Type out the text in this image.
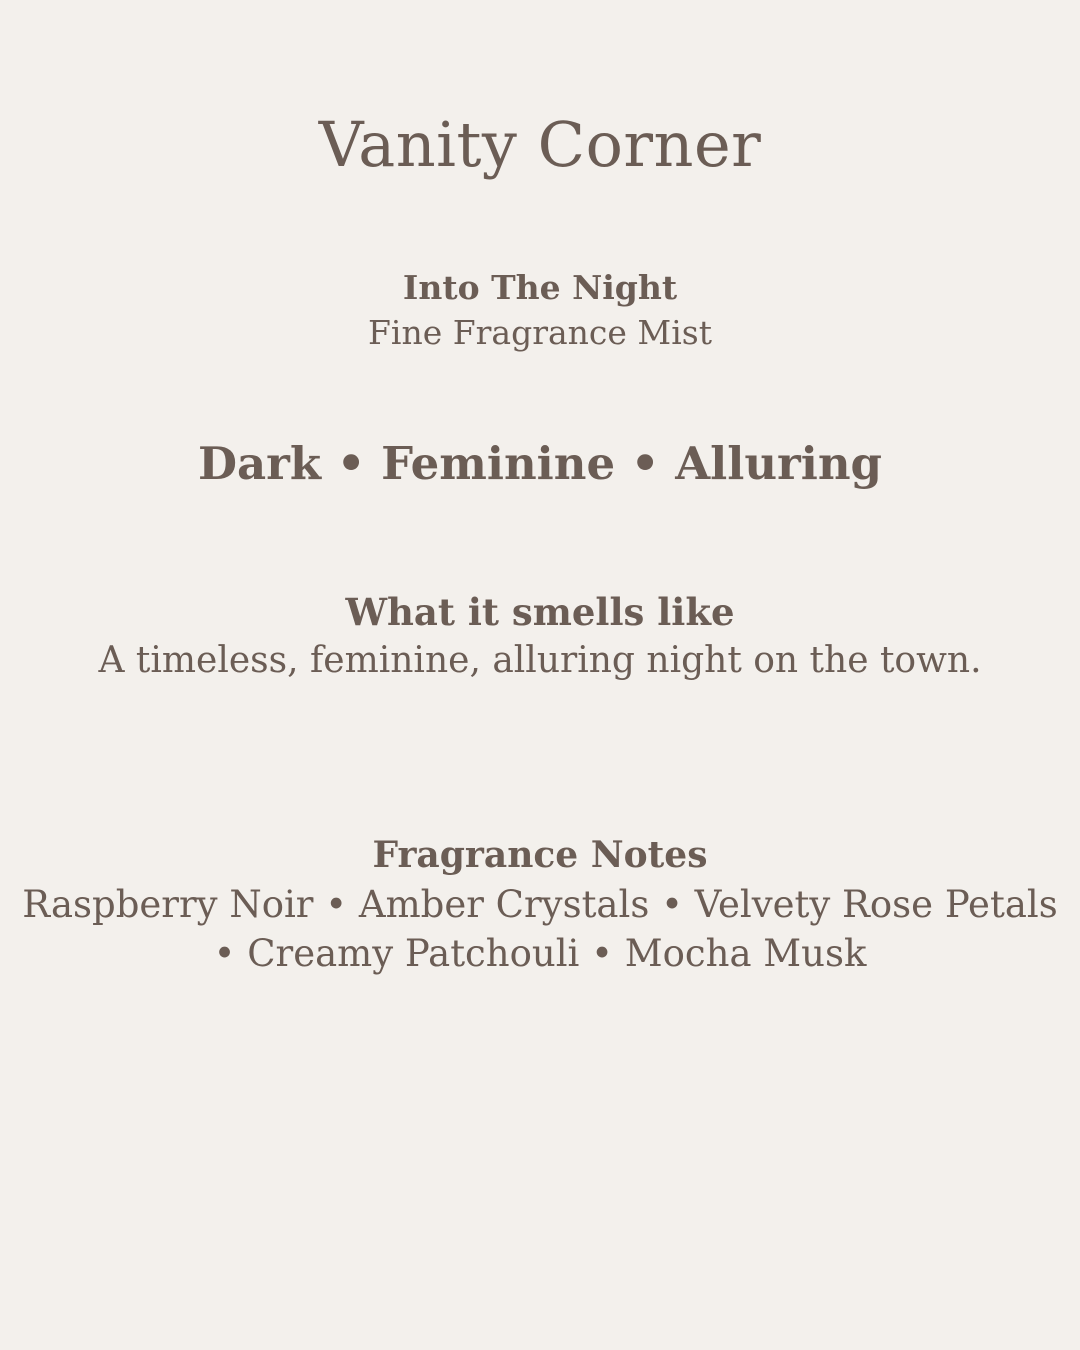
Vanity Corner
Into The Night
Fine Fragrance Mist
Dark • Feminine • Alluring
What it smells like
A timeless, feminine, alluring night on the town.
Fragrance Notes
Raspberry Noir • Amber Crystals • Velvety Rose Petals • Creamy Patchouli • Mocha Musk
